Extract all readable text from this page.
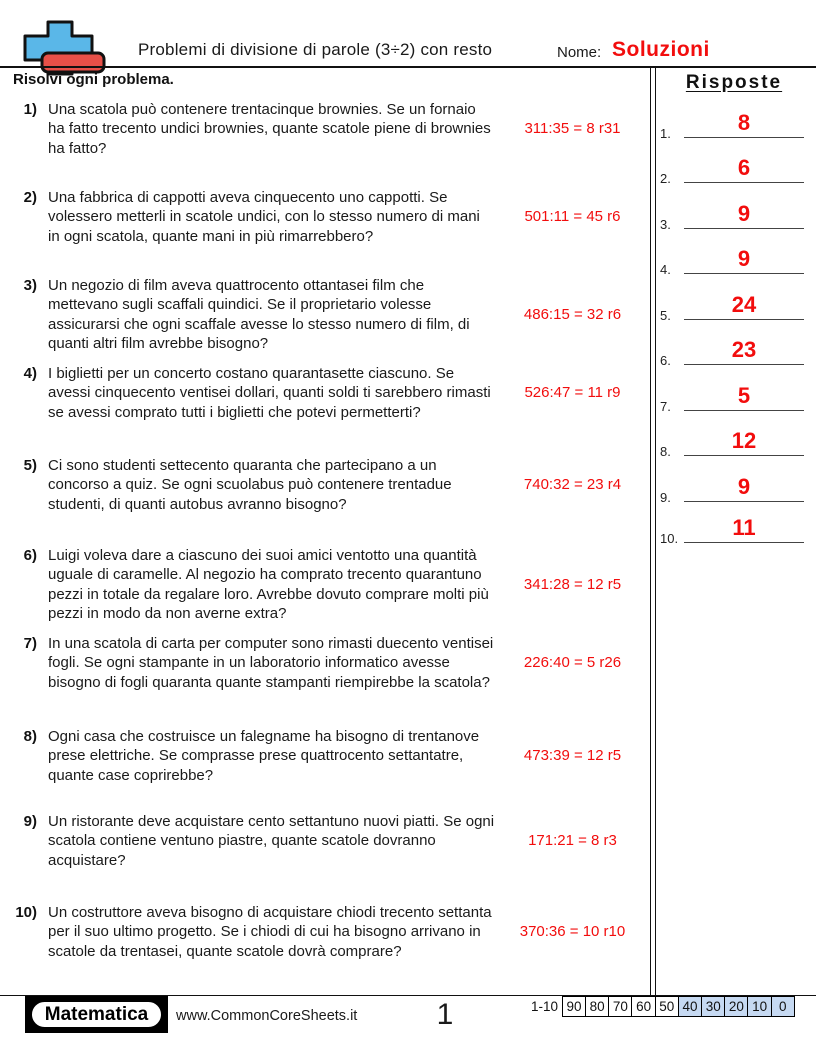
Problemi di divisione di parole (3÷2) con resto	Nome: Soluzioni
Risolvi ogni problema.
1) Una scatola può contenere trentacinque brownies. Se un fornaio ha fatto trecento undici brownies, quante scatole piene di brownies ha fatto?
311:35 = 8 r31
2) Una fabbrica di cappotti aveva cinquecento uno cappotti. Se volessero metterli in scatole undici, con lo stesso numero di mani in ogni scatola, quante mani in più rimarrebbero?
501:11 = 45 r6
3) Un negozio di film aveva quattrocento ottantasei film che mettevano sugli scaffali quindici. Se il proprietario volesse assicurarsi che ogni scaffale avesse lo stesso numero di film, di quanti altri film avrebbe bisogno?
486:15 = 32 r6
4) I biglietti per un concerto costano quarantasette ciascuno. Se avessi cinquecento ventisei dollari, quanti soldi ti sarebbero rimasti se avessi comprato tutti i biglietti che potevi permetterti?
526:47 = 11 r9
5) Ci sono studenti settecento quaranta che partecipano a un concorso a quiz. Se ogni scuolabus può contenere trentadue studenti, di quanti autobus avranno bisogno?
740:32 = 23 r4
6) Luigi voleva dare a ciascuno dei suoi amici ventotto una quantità uguale di caramelle. Al negozio ha comprato trecento quarantuno pezzi in totale da regalare loro. Avrebbe dovuto comprare molti più pezzi in modo da non averne extra?
341:28 = 12 r5
7) In una scatola di carta per computer sono rimasti duecento ventisei fogli. Se ogni stampante in un laboratorio informatico avesse bisogno di fogli quaranta quante stampanti riempirebbe la scatola?
226:40 = 5 r26
8) Ogni casa che costruisce un falegname ha bisogno di trentanove prese elettriche. Se comprasse prese quattrocento settantatre, quante case coprirebbe?
473:39 = 12 r5
9) Un ristorante deve acquistare cento settantuno nuovi piatti. Se ogni scatola contiene ventuno piastre, quante scatole dovranno acquistare?
171:21 = 8 r3
10) Un costruttore aveva bisogno di acquistare chiodi trecento settanta per il suo ultimo progetto. Se i chiodi di cui ha bisogno arrivano in scatole da trentasei, quante scatole dovrà comprare?
370:36 = 10 r10
Risposte
1.	8
2.	6
3.	9
4.	9
5.	24
6.	23
7.	5
8.	12
9.	9
10.	11
Matematica	www.CommonCoreSheets.it	1	1-10 90 80 70 60 50 40 30 20 10 0
